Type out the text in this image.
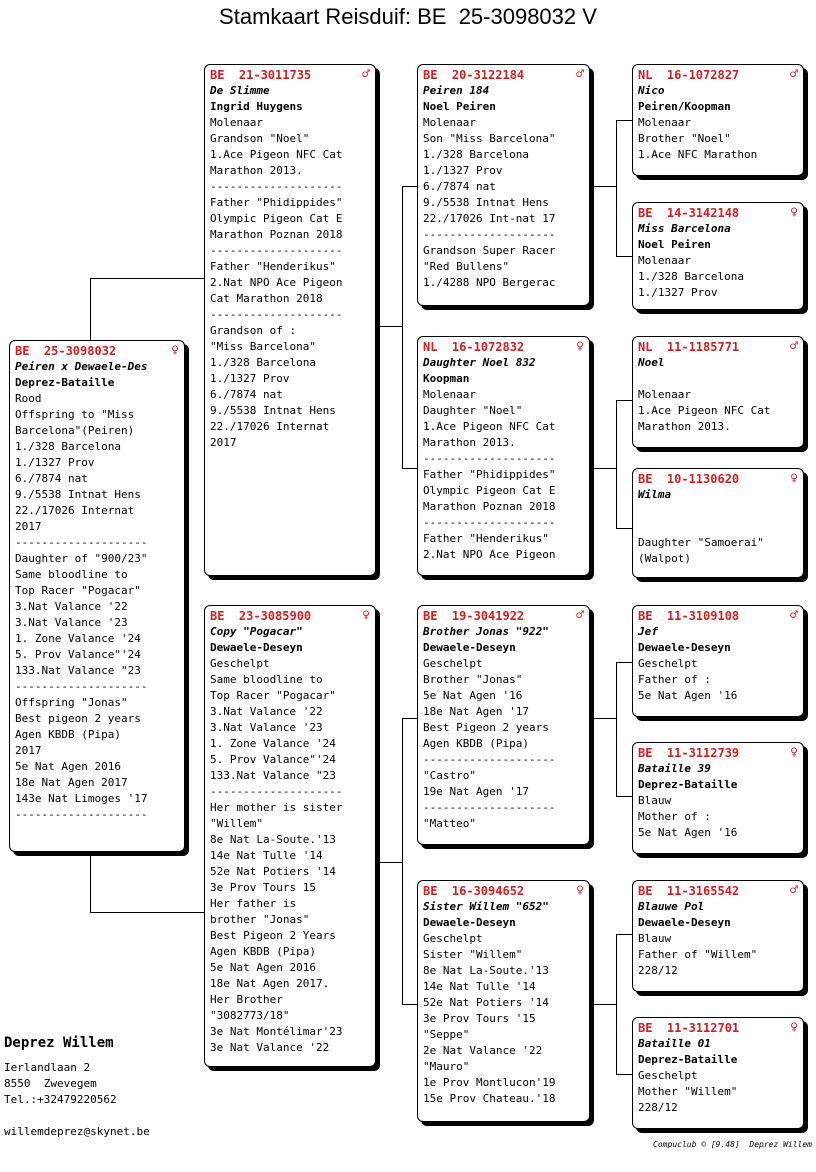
Stamkaart Reisduif: BE  25-3098032 V
BE  25-3098032	♀
Peiren x Dewaele-Des
Deprez-Bataille
Rood
Offspring to "Miss
Barcelona"(Peiren)
1./328 Barcelona
1./1327 Prov
6./7874 nat
9./5538 Intnat Hens
22./17026 Internat
2017
--------------------
Daughter of "900/23"
Same bloodline to
Top Racer "Pogacar"
3.Nat Valance '22
3.Nat Valance '23
1. Zone Valance '24
5. Prov Valance"'24
133.Nat Valance "23
--------------------
Offspring "Jonas"
Best pigeon 2 years
Agen KBDB (Pipa)
2017
5e Nat Agen 2016
18e Nat Agen 2017
143e Nat Limoges '17
--------------------
BE  21-3011735	♂
De Slimme
Ingrid Huygens
Molenaar
Grandson "Noel"
1.Ace Pigeon NFC Cat
Marathon 2013.
--------------------
Father "Phidippides"
Olympic Pigeon Cat E
Marathon Poznan 2018
--------------------
Father "Henderikus"
2.Nat NPO Ace Pigeon
Cat Marathon 2018
--------------------
Grandson of :
"Miss Barcelona"
1./328 Barcelona
1./1327 Prov
6./7874 nat
9./5538 Intnat Hens
22./17026 Internat
2017
BE  23-3085900	♀
Copy "Pogacar"
Dewaele-Deseyn
Geschelpt
Same bloodline to
Top Racer "Pogacar"
3.Nat Valance '22
3.Nat Valance '23
1. Zone Valance '24
5. Prov Valance"'24
133.Nat Valance "23
--------------------
Her mother is sister
"Willem"
8e Nat La-Soute.'13
14e Nat Tulle '14
52e Nat Potiers '14
3e Prov Tours 15
Her father is
brother "Jonas"
Best Pigeon 2 Years
Agen KBDB (Pipa)
5e Nat Agen 2016
18e Nat Agen 2017.
Her Brother
"3082773/18"
3e Nat Montélimar'23
3e Nat Valance '22
BE  20-3122184	♂
Peiren 184
Noel Peiren
Molenaar
Son "Miss Barcelona"
1./328 Barcelona
1./1327 Prov
6./7874 nat
9./5538 Intnat Hens
22./17026 Int-nat 17
--------------------
Grandson Super Racer
"Red Bullens"
1./4288 NPO Bergerac
NL  16-1072832	♀
Daughter Noel 832
Koopman
Molenaar
Daughter "Noel"
1.Ace Pigeon NFC Cat
Marathon 2013.
--------------------
Father "Phidippides"
Olympic Pigeon Cat E
Marathon Poznan 2018
--------------------
Father "Henderikus"
2.Nat NPO Ace Pigeon
BE  19-3041922	♂
Brother Jonas "922"
Dewaele-Deseyn
Geschelpt
Brother "Jonas"
5e Nat Agen '16
18e Nat Agen '17
Best Pigeon 2 years
Agen KBDB (Pipa)
--------------------
"Castro"
19e Nat Agen '17
--------------------
"Matteo"
BE  16-3094652	♀
Sister Willem "652"
Dewaele-Deseyn
Geschelpt
Sister "Willem"
8e Nat La-Soute.'13
14e Nat Tulle '14
52e Nat Potiers '14
3e Prov Tours '15
"Seppe"
2e Nat Valance '22
"Mauro"
1e Prov Montlucon'19
15e Prov Chateau.'18
NL  16-1072827	♂
Nico
Peiren/Koopman
Molenaar
Brother "Noel"
1.Ace NFC Marathon
BE  14-3142148	♀
Miss Barcelona
Noel Peiren
Molenaar
1./328 Barcelona
1./1327 Prov
NL  11-1185771	♂
Noel
Molenaar
1.Ace Pigeon NFC Cat
Marathon 2013.
BE  10-1130620	♀
Wilma
Daughter "Samoerai"
(Walpot)
BE  11-3109108	♂
Jef
Dewaele-Deseyn
Geschelpt
Father of :
5e Nat Agen '16
BE  11-3112739	♀
Bataille 39
Deprez-Bataille
Blauw
Mother of :
5e Nat Agen '16
BE  11-3165542	♂
Blauwe Pol
Dewaele-Deseyn
Blauw
Father of "Willem"
228/12
BE  11-3112701	♀
Bataille 01
Deprez-Bataille
Geschelpt
Mother "Willem"
228/12
Deprez Willem
Ierlandlaan 2
8550  Zwevegem
Tel.:+32479220562
willemdeprez@skynet.be
Compuclub © [9.48]  Deprez Willem
